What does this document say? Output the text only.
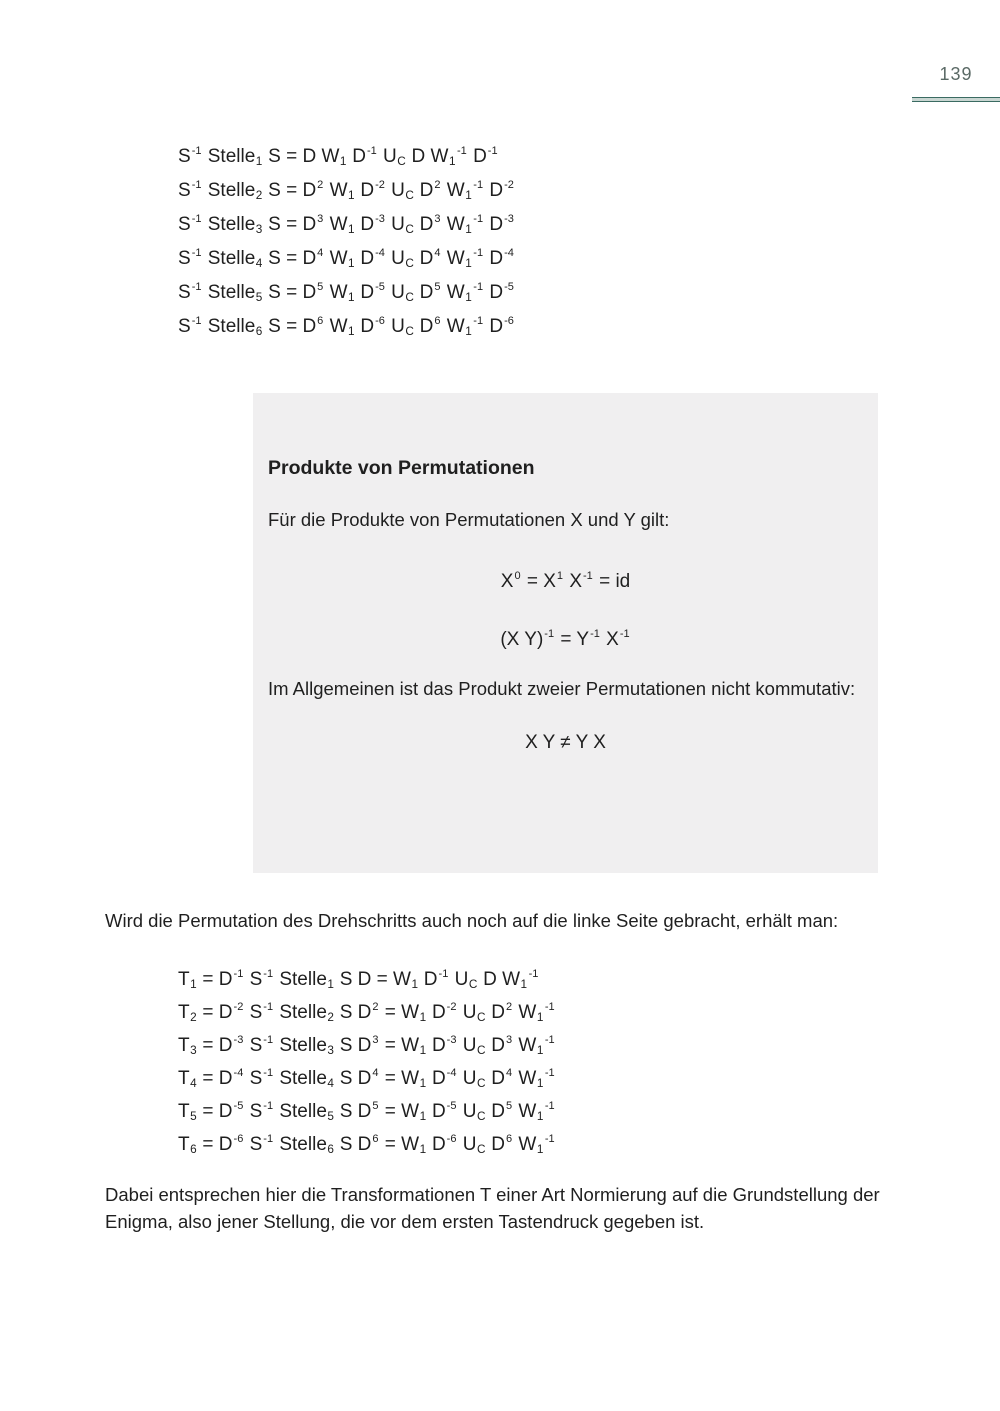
139
$S^{-1}$ Stelle$_1$ S = D $W_1$ $D^{-1}$ $U_C$ D $W_1^{-1}$ $D^{-1}$
$S^{-1}$ Stelle$_2$ $S = D^2$ $W_1$ $D^{-2}$ $U_C$ $D^2$ $W_1^{-1}$ $D^{-2}$
$S^{-1}$ Stelle$_3$ $S = D^3$ $W_1$ $D^{-3}$ $U_C$ $D^3$ $W_1^{-1}$ $D^{-3}$
$S^{-1}$ Stelle$_4$ $S = D^4$ $W_1$ $D^{-4}$ $U_C$ $D^4$ $W_1^{-1}$ $D^{-4}$
$S^{-1}$ Stelle$_5$ $S = D^5$ $W_1$ $D^{-5}$ $U_C$ $D^5$ $W_1^{-1}$ $D^{-5}$
$S^{-1}$ Stelle$_6$ $S = D^6$ $W_1$ $D^{-6}$ $U_C$ $D^6$ $W_1^{-1}$ $D^{-6}$
Produkte von Permutationen

Für die Produkte von Permutationen X und Y gilt:

$X^0 = X^1$ $X^{-1}$ = id
(X $Y)^{-1} = Y^{-1}$ $X^{-1}$

Im Allgemeinen ist das Produkt zweier Permutationen nicht kommutativ:

X Y ≠ Y X

Wird die Permutation des Drehschritts auch noch auf die linke Seite gebracht, erhält man:

$T_1 = D^{-1}$ $S^{-1}$ Stelle$_1$ S $D = W_1$ $D^{-1}$ $U_C$ D $W_1^{-1}$
$T_2 = D^{-2}$ $S^{-1}$ Stelle$_2$ S $D^2 = W_1$ $D^{-2}$ $U_C$ $D^2$ $W_1^{-1}$
$T_3 = D^{-3}$ $S^{-1}$ Stelle$_3$ S $D^3 = W_1$ $D^{-3}$ $U_C$ $D^3$ $W_1^{-1}$
$T_4 = D^{-4}$ $S^{-1}$ Stelle$_4$ S $D^4 = W_1$ $D^{-4}$ $U_C$ $D^4$ $W_1^{-1}$
$T_5 = D^{-5}$ $S^{-1}$ Stelle$_5$ S $D^5 = W_1$ $D^{-5}$ $U_C$ $D^5$ $W_1^{-1}$
$T_6 = D^{-6}$ $S^{-1}$ Stelle$_6$ S $D^6 = W_1$ $D^{-6}$ $U_C$ $D^6$ $W_1^{-1}$

Dabei entsprechen hier die Transformationen T einer Art Normierung auf die Grundstellung der Enigma, also jener Stellung, die vor dem ersten Tastendruck gegeben ist.
